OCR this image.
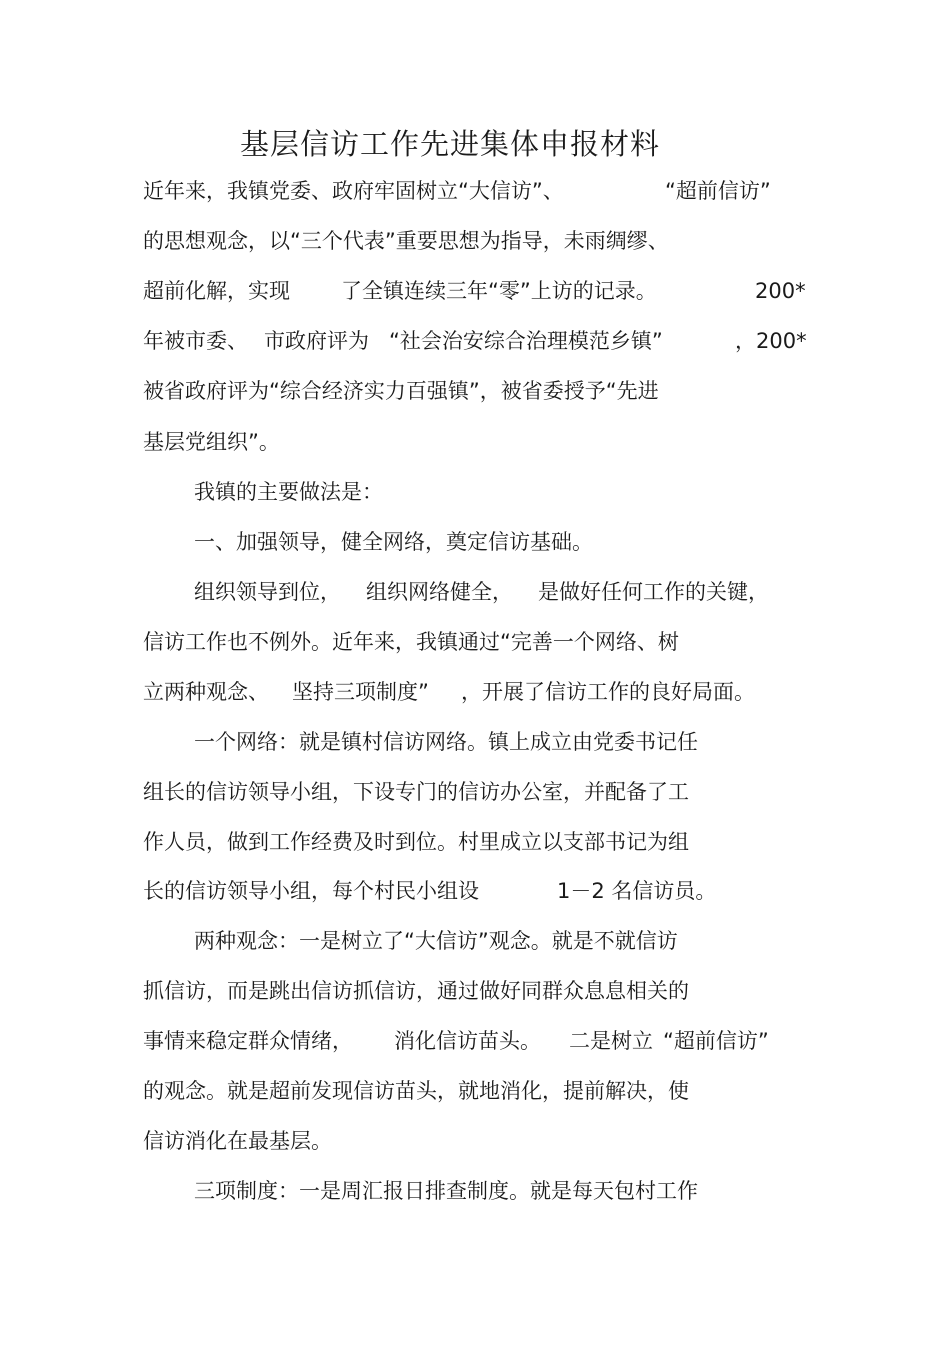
基层信访工作先进集体申报材料
近年来，我镇党委、政府牢固树立“大信访”、	“超前信访”
的思想观念，以“三个代表”重要思想为指导，未雨绸缪、
超前化解，实现 了全镇连续三年“零”上访的记录。	200*
年被市委、 市政府评为 “社会治安综合治理模范乡镇”	，200*
被省政府评为“综合经济实力百强镇”，被省委授予“先进
基层党组织”。
我镇的主要做法是：
一、加强领导，健全网络，奠定信访基础。
组织领导到位， 组织网络健全， 是做好任何工作的关键，
信访工作也不例外。近年来，我镇通过“完善一个网络、树
立两种观念、 坚持三项制度” ，开展了信访工作的良好局面。
一个网络：就是镇村信访网络。镇上成立由党委书记任
组长的信访领导小组，下设专门的信访办公室，并配备了工
作人员，做到工作经费及时到位。村里成立以支部书记为组
长的信访领导小组，每个村民小组设	1－2 名信访员。
两种观念：一是树立了“大信访”观念。就是不就信访
抓信访，而是跳出信访抓信访，通过做好同群众息息相关的
事情来稳定群众情绪， 消化信访苗头。 二是树立 “超前信访”
的观念。就是超前发现信访苗头，就地消化，提前解决，使
信访消化在最基层。
三项制度：一是周汇报日排查制度。就是每天包村工作
